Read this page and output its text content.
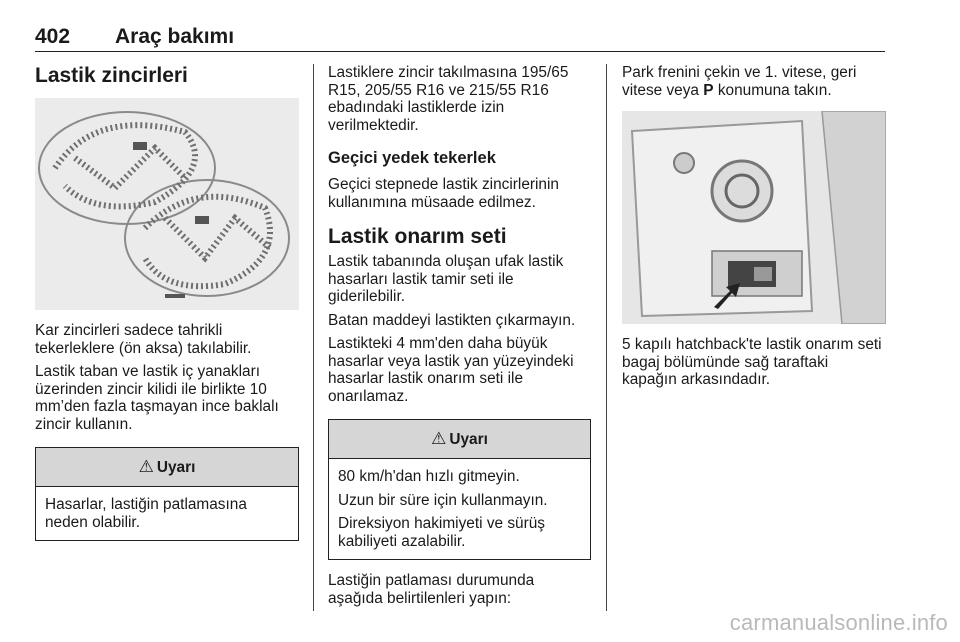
402 Araç bakımı
Lastik zincirleri

Kar zincirleri sadece tahrikli tekerleklere (ön aksa) takılabilir.

Lastik taban ve lastik iç yanakları üzerinden zincir kilidi ile birlikte 10 mm’den fazla taşmayan ince baklalı zincir kullanın.

⚠ Uyarı

Hasarlar, lastiğin patlamasına neden olabilir.

Lastiklere zincir takılmasına 195/65 R15, 205/55 R16 ve 215/55 R16 ebadındaki lastiklerde izin verilmektedir.

Geçici yedek tekerlek

Geçici stepnede lastik zincirlerinin kullanımına müsaade edilmez.

Lastik onarım seti

Lastik tabanında oluşan ufak lastik hasarları lastik tamir seti ile giderilebilir.

Batan maddeyi lastikten çıkarmayın.

Lastikteki 4 mm'den daha büyük hasarlar veya lastik yan yüzeyindeki hasarlar lastik onarım seti ile onarılamaz.

⚠ Uyarı

80 km/h'dan hızlı gitmeyin.

Uzun bir süre için kullanmayın.

Direksiyon hakimiyeti ve sürüş kabiliyeti azalabilir.

Lastiğin patlaması durumunda aşağıda belirtilenleri yapın:

Park frenini çekin ve 1. vitese, geri vitese veya P konumuna takın.

5 kapılı hatchback'te lastik onarım seti bagaj bölümünde sağ taraftaki kapağın arkasındadır.

carmanualsonline.info
